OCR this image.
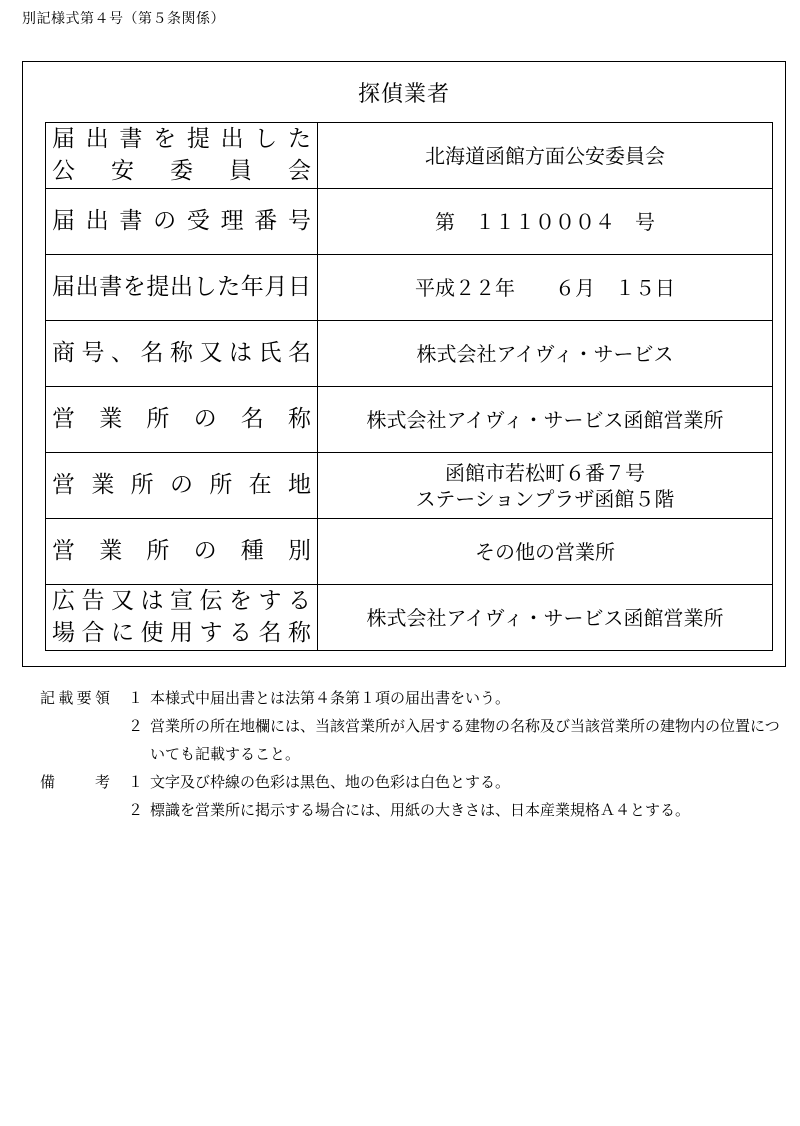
別記様式第４号（第５条関係）
探偵業者
届出書を提出した
公　安　委　員　会	北海道函館方面公安委員会

届出書の受理番号	第　１１１０００４　号

届出書を提出した年月日	平成２２年　　６月　１５日

商号、名称又は氏名	株式会社アイヴィ・サービス

営業所の名称	株式会社アイヴィ・サービス函館営業所

営業所の所在地	函館市若松町６番７号
ステーションプラザ函館５階

営業所の種別	その他の営業所

広告又は宣伝をする
場合に使用する名称	株式会社アイヴィ・サービス函館営業所
記載要領	１ 本様式中届出書とは法第４条第１項の届出書をいう。
２ 営業所の所在地欄には、当該営業所が入居する建物の名称及び当該営業所の建物内の位置についても記載すること。
備考	１ 文字及び枠線の色彩は黒色、地の色彩は白色とする。
２ 標識を営業所に掲示する場合には、用紙の大きさは、日本産業規格Ａ４とする。
